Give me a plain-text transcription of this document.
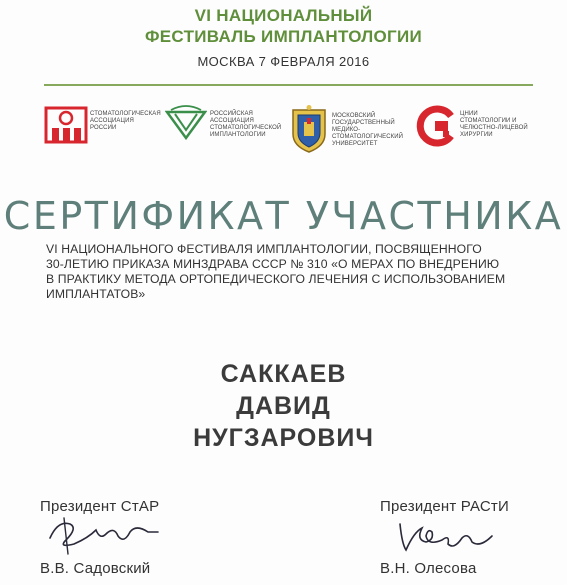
VI НАЦИОНАЛЬНЫЙ
ФЕСТИВАЛЬ ИМПЛАНТОЛОГИИ
МОСКВА 7 ФЕВРАЛЯ 2016
СТОМАТОЛОГИЧЕСКАЯ
АССОЦИАЦИЯ
РОССИИ
РОССИЙСКАЯ
АССОЦИАЦИЯ
СТОМАТОЛОГИЧЕСКОЙ
ИМПЛАНТОЛОГИИ
МОСКОВСКИЙ
ГОСУДАРСТВЕННЫЙ
МЕДИКО-
СТОМАТОЛОГИЧЕСКИЙ
УНИВЕРСИТЕТ
ЦНИИ
СТОМАТОЛОГИИ И
ЧЕЛЮСТНО-ЛИЦЕВОЙ
ХИРУРГИИ
СЕРТИФИКАТ УЧАСТНИКА
VI НАЦИОНАЛЬНОГО ФЕСТИВАЛЯ ИМПЛАНТОЛОГИИ, ПОСВЯЩЕННОГО
30-ЛЕТИЮ ПРИКАЗА МИНЗДРАВА СССР № 310 «О МЕРАХ ПО ВНЕДРЕНИЮ
В ПРАКТИКУ МЕТОДА ОРТОПЕДИЧЕСКОГО ЛЕЧЕНИЯ С ИСПОЛЬЗОВАНИЕМ
ИМПЛАНТАТОВ»
САККАЕВ
ДАВИД
НУГЗАРОВИЧ
Президент СтАР
В.В. Садовский
Президент РАСтИ
В.Н. Олесова
